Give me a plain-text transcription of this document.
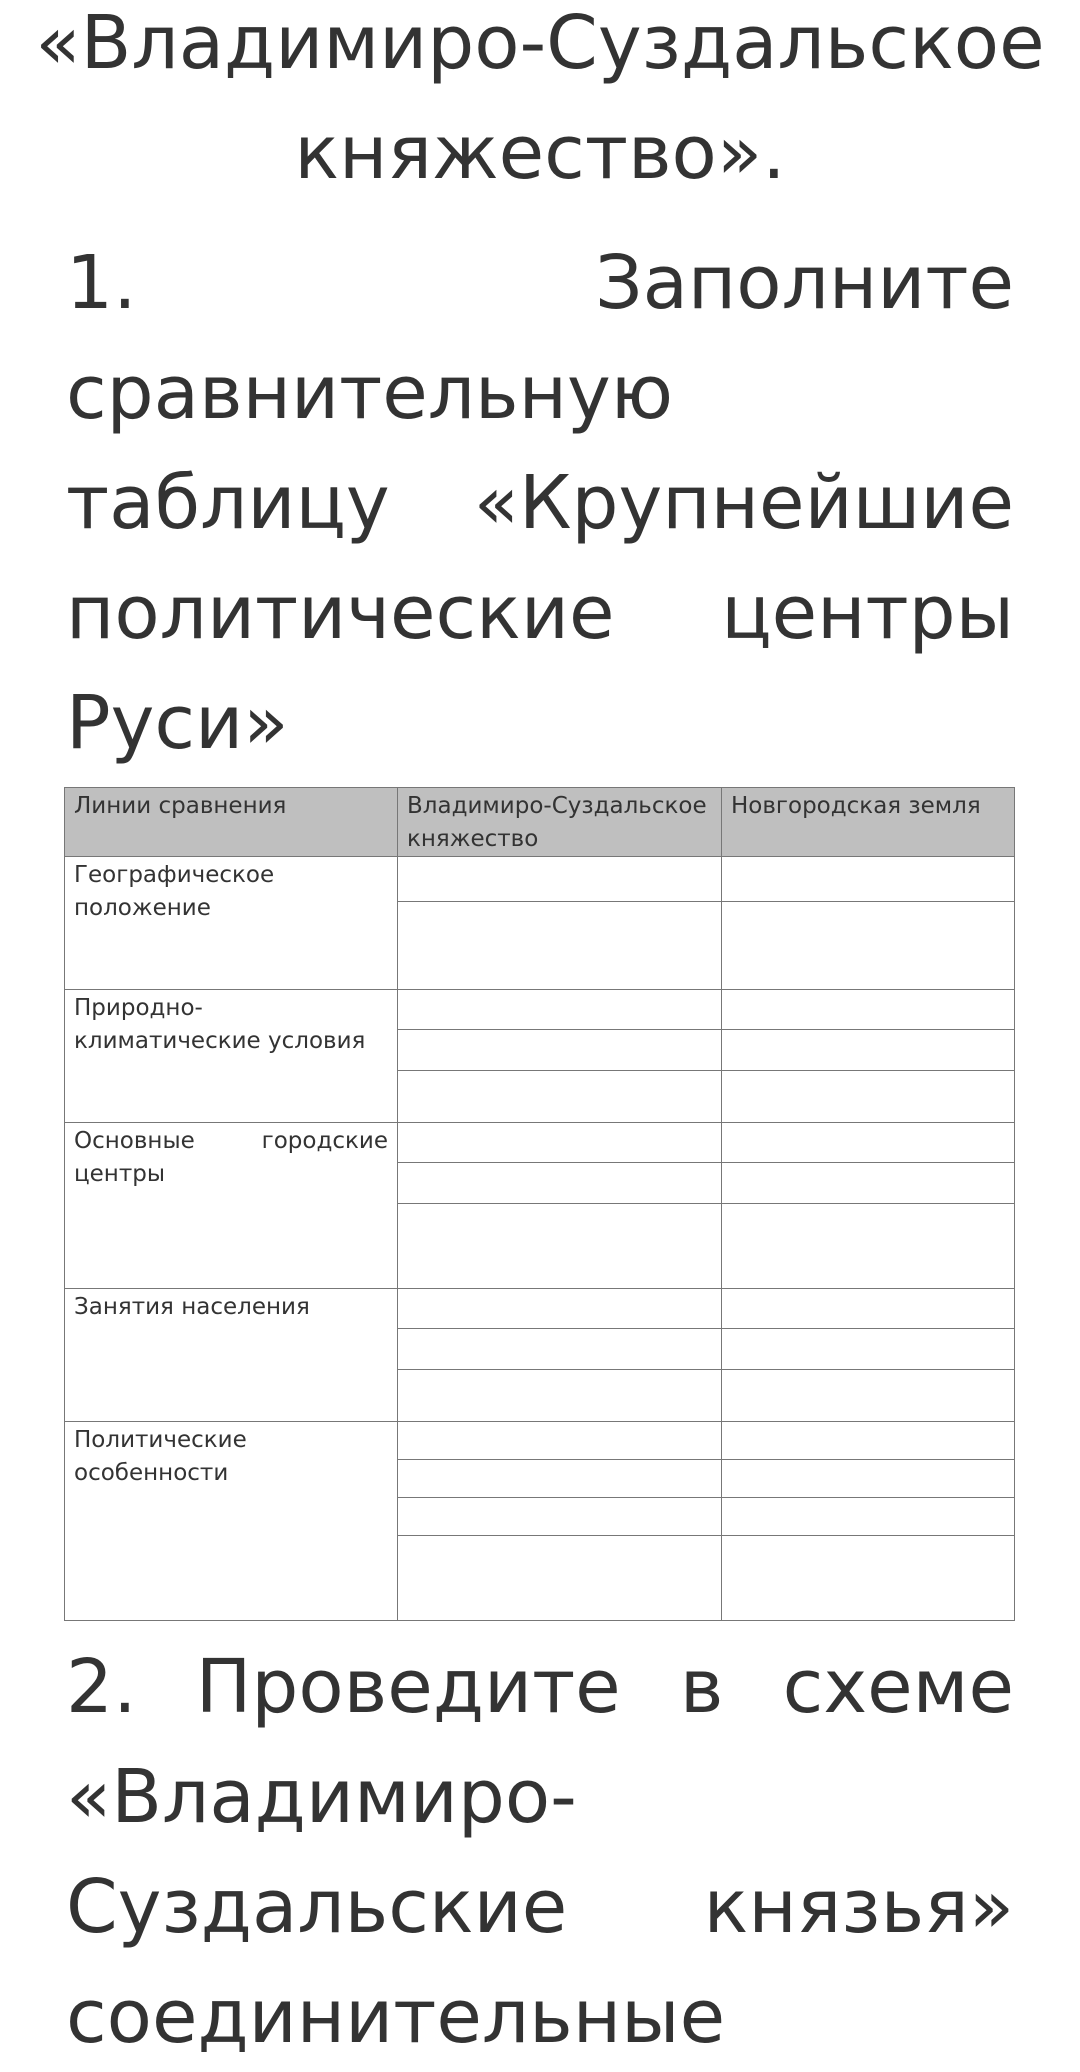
«Владимиро-Суздальское
княжество».

1.	Заполните сравнительную таблицу «Крупнейшие политические центры Руси»

Линии сравнения	Владимиро-Суздальское княжество	Новгородская земля
Географическое положение		

Природно-климатические условия		

Основные городские центры		

Занятия населения		

Политические особенности		

2. Проведите в схеме «Владимиро-Суздальские князья» соединительные
